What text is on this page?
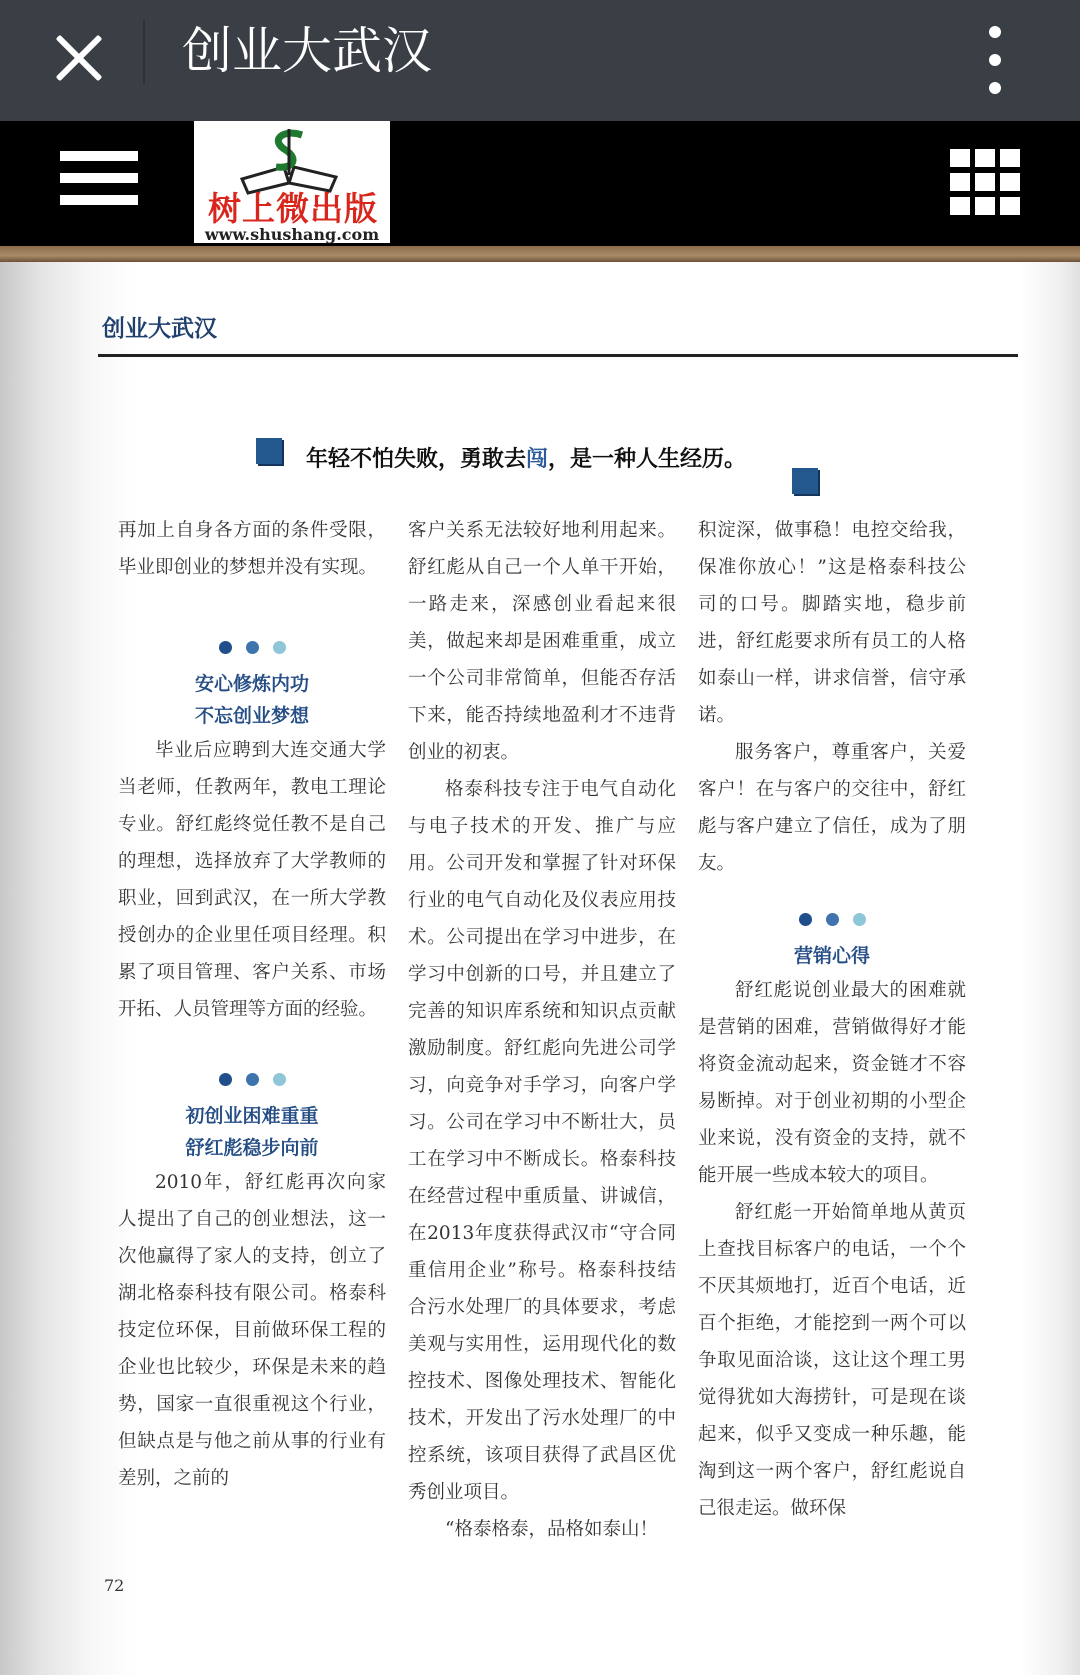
创业大武汉
树上微出版
www.shushang.com
创业大武汉
年轻不怕失败，勇敢去闯，是一种人生经历。

再加上自身各方面的条件受限，毕业即创业的梦想并没有实现。

安心修炼内功
不忘创业梦想

毕业后应聘到大连交通大学当老师，任教两年，教电工理论专业。舒红彪终觉任教不是自己的理想，选择放弃了大学教师的职业，回到武汉，在一所大学教授创办的企业里任项目经理。积累了项目管理、客户关系、市场开拓、人员管理等方面的经验。

初创业困难重重
舒红彪稳步向前

2010年，舒红彪再次向家人提出了自己的创业想法，这一次他赢得了家人的支持，创立了湖北格泰科技有限公司。格泰科技定位环保，目前做环保工程的企业也比较少，环保是未来的趋势，国家一直很重视这个行业，但缺点是与他之前从事的行业有差别，之前的

客户关系无法较好地利用起来。舒红彪从自己一个人单干开始，一路走来，深感创业看起来很美，做起来却是困难重重，成立一个公司非常简单，但能否存活下来，能否持续地盈利才不违背创业的初衷。

格泰科技专注于电气自动化与电子技术的开发、推广与应用。公司开发和掌握了针对环保行业的电气自动化及仪表应用技术。公司提出在学习中进步，在学习中创新的口号，并且建立了完善的知识库系统和知识点贡献激励制度。舒红彪向先进公司学习，向竞争对手学习，向客户学习。公司在学习中不断壮大，员工在学习中不断成长。格泰科技在经营过程中重质量、讲诚信，在2013年度获得武汉市“守合同重信用企业”称号。格泰科技结合污水处理厂的具体要求，考虑美观与实用性，运用现代化的数控技术、图像处理技术、智能化技术，开发出了污水处理厂的中控系统，该项目获得了武昌区优秀创业项目。

“格泰格泰，品格如泰山！

积淀深，做事稳！电控交给我，保准你放心！”这是格泰科技公司的口号。脚踏实地，稳步前进，舒红彪要求所有员工的人格如泰山一样，讲求信誉，信守承诺。

服务客户，尊重客户，关爱客户！在与客户的交往中，舒红彪与客户建立了信任，成为了朋友。

营销心得

舒红彪说创业最大的困难就是营销的困难，营销做得好才能将资金流动起来，资金链才不容易断掉。对于创业初期的小型企业来说，没有资金的支持，就不能开展一些成本较大的项目。

舒红彪一开始简单地从黄页上查找目标客户的电话，一个个不厌其烦地打，近百个电话，近百个拒绝，才能挖到一两个可以争取见面洽谈，这让这个理工男觉得犹如大海捞针，可是现在谈起来，似乎又变成一种乐趣，能淘到这一两个客户，舒红彪说自己很走运。做环保

72
